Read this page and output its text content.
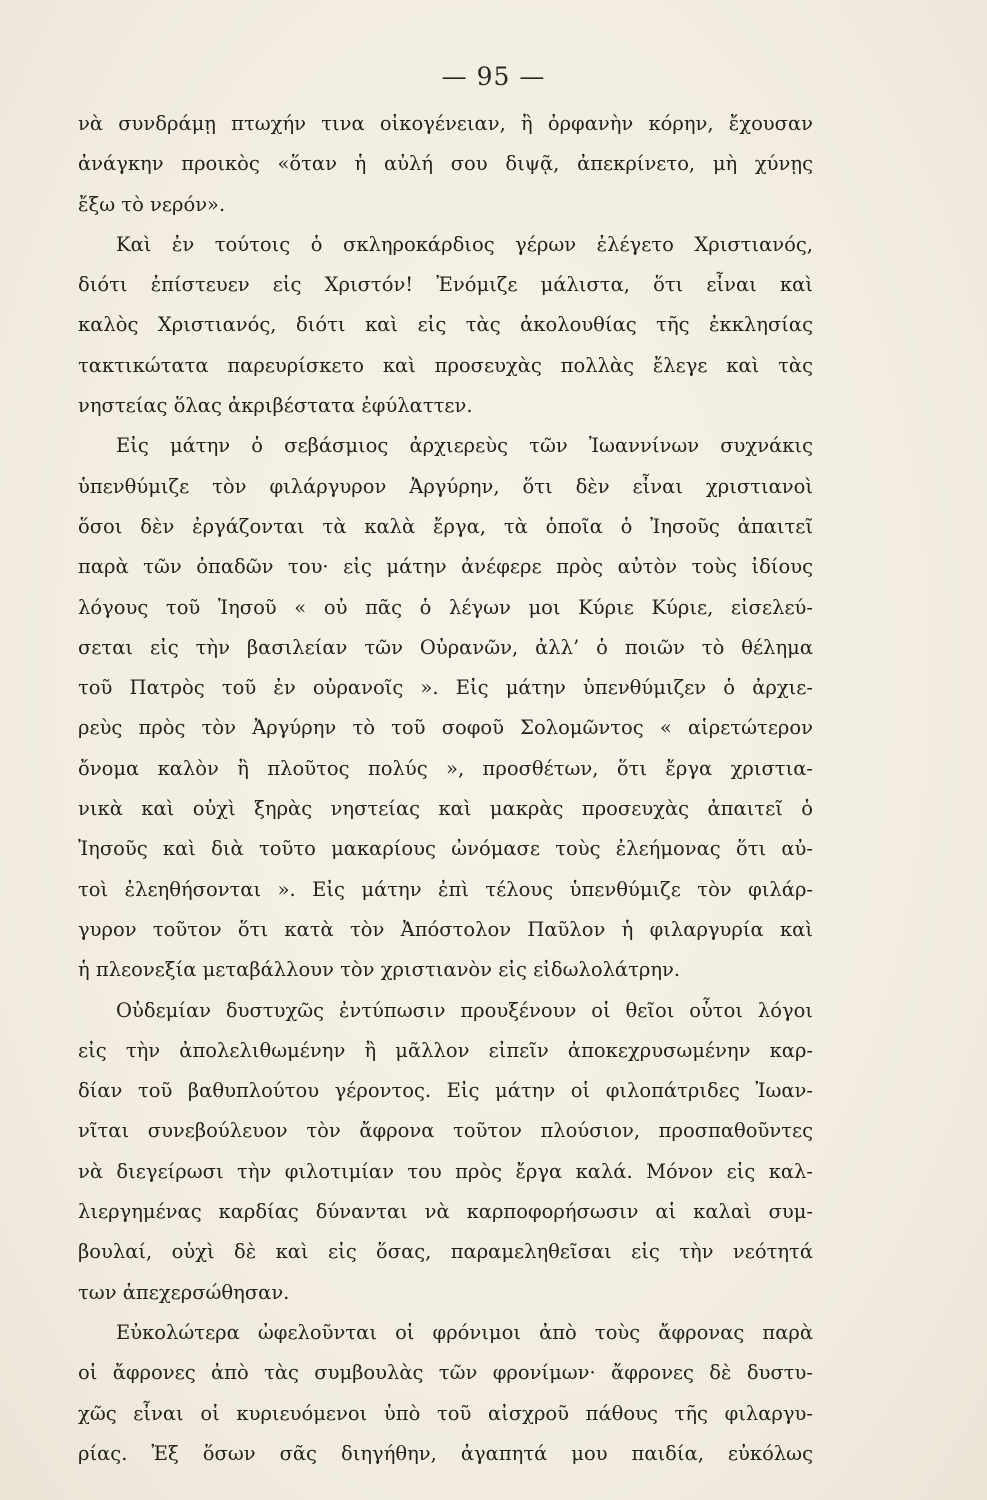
— 95 —
νὰ συνδράμῃ πτωχήν τινα οἰκογένειαν, ἢ ὀρφανὴν κόρην, ἔχουσαν
ἀνάγκην προικὸς «ὅταν ἡ αὐλή σου διψᾷ, ἀπεκρίνετο, μὴ χύνῃς
ἔξω τὸ νερόν».
Καὶ ἐν τούτοις ὁ σκληροκάρδιος γέρων ἐλέγετο Χριστιανός,
διότι ἐπίστευεν εἰς Χριστόν! Ἐνόμιζε μάλιστα, ὅτι εἶναι καὶ
καλὸς Χριστιανός, διότι καὶ εἰς τὰς ἀκολουθίας τῆς ἐκκλησίας
τακτικώτατα παρευρίσκετο καὶ προσευχὰς πολλὰς ἔλεγε καὶ τὰς
νηστείας ὅλας ἀκριβέστατα ἐφύλαττεν.
Εἰς μάτην ὁ σεβάσμιος ἀρχιερεὺς τῶν Ἰωαννίνων συχνάκις
ὑπενθύμιζε τὸν φιλάργυρον Ἀργύρην, ὅτι δὲν εἶναι χριστιανοὶ
ὅσοι δὲν ἐργάζονται τὰ καλὰ ἔργα, τὰ ὁποῖα ὁ Ἰησοῦς ἀπαιτεῖ
παρὰ τῶν ὀπαδῶν του· εἰς μάτην ἀνέφερε πρὸς αὐτὸν τοὺς ἰδίους
λόγους τοῦ Ἰησοῦ « οὐ πᾶς ὁ λέγων μοι Κύριε Κύριε, εἰσελεύ-
σεται εἰς τὴν βασιλείαν τῶν Οὐρανῶν, ἀλλ’ ὁ ποιῶν τὸ θέλημα
τοῦ Πατρὸς τοῦ ἐν οὐρανοῖς ». Εἰς μάτην ὑπενθύμιζεν ὁ ἀρχιε-
ρεὺς πρὸς τὸν Ἀργύρην τὸ τοῦ σοφοῦ Σολομῶντος « αἱρετώτερον
ὄνομα καλὸν ἢ πλοῦτος πολύς », προσθέτων, ὅτι ἔργα χριστια-
νικὰ καὶ οὐχὶ ξηρὰς νηστείας καὶ μακρὰς προσευχὰς ἀπαιτεῖ ὁ
Ἰησοῦς καὶ διὰ τοῦτο μακαρίους ὠνόμασε τοὺς ἐλεήμονας ὅτι αὐ-
τοὶ ἐλεηθήσονται ». Εἰς μάτην ἐπὶ τέλους ὑπενθύμιζε τὸν φιλάρ-
γυρον τοῦτον ὅτι κατὰ τὸν Ἀπόστολον Παῦλον ἡ φιλαργυρία καὶ
ἡ πλεονεξία μεταβάλλουν τὸν χριστιανὸν εἰς εἰδωλολάτρην.
Οὐδεμίαν δυστυχῶς ἐντύπωσιν προυξένουν οἱ θεῖοι οὗτοι λόγοι
εἰς τὴν ἀπολελιθωμένην ἢ μᾶλλον εἰπεῖν ἀποκεχρυσωμένην καρ-
δίαν τοῦ βαθυπλούτου γέροντος. Εἰς μάτην οἱ φιλοπάτριδες Ἰωαν-
νῖται συνεβούλευον τὸν ἄφρονα τοῦτον πλούσιον, προσπαθοῦντες
νὰ διεγείρωσι τὴν φιλοτιμίαν του πρὸς ἔργα καλά. Μόνον εἰς καλ-
λιεργημένας καρδίας δύνανται νὰ καρποφορήσωσιν αἱ καλαὶ συμ-
βουλαί, οὐχὶ δὲ καὶ εἰς ὅσας, παραμεληθεῖσαι εἰς τὴν νεότητά
των ἀπεχερσώθησαν.
Εὐκολώτερα ὠφελοῦνται οἱ φρόνιμοι ἀπὸ τοὺς ἄφρονας παρὰ
οἱ ἄφρονες ἀπὸ τὰς συμβουλὰς τῶν φρονίμων· ἄφρονες δὲ δυστυ-
χῶς εἶναι οἱ κυριευόμενοι ὑπὸ τοῦ αἰσχροῦ πάθους τῆς φιλαργυ-
ρίας. Ἐξ ὅσων σᾶς διηγήθην, ἀγαπητά μου παιδία, εὐκόλως
